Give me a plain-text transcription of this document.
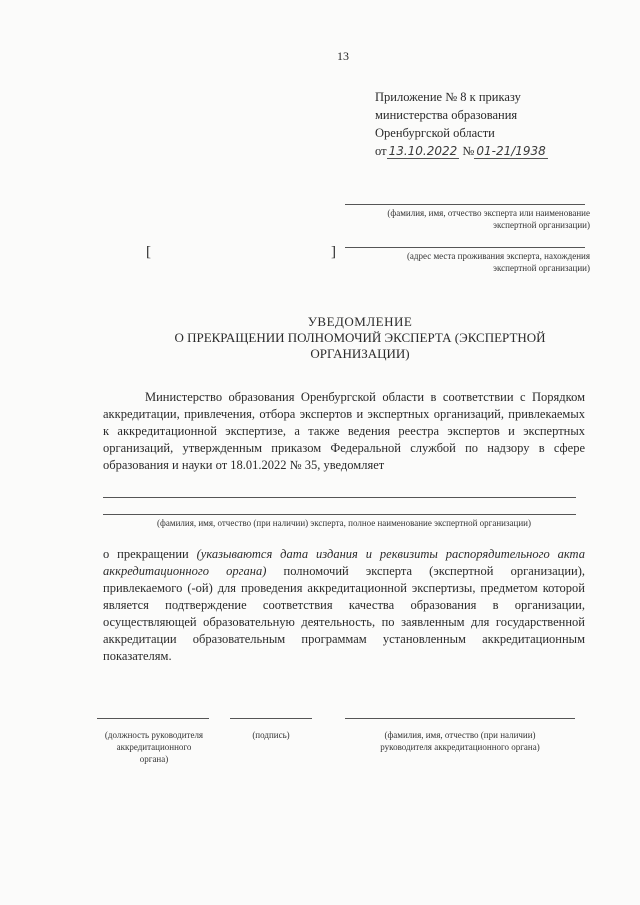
13
Приложение № 8 к приказу
министерства образования
Оренбургской области
от 13.10.2022 № 01-21/1938
(фамилия, имя, отчество эксперта или наименование
экспертной организации)
[	]	(адрес места проживания эксперта, нахождения
экспертной организации)
УВЕДОМЛЕНИЕ
О ПРЕКРАЩЕНИИ ПОЛНОМОЧИЙ ЭКСПЕРТА (ЭКСПЕРТНОЙ
ОРГАНИЗАЦИИ)
Министерство образования Оренбургской области в соответствии с Порядком аккредитации, привлечения, отбора экспертов и экспертных организаций, привлекаемых к аккредитационной экспертизе, а также ведения реестра экспертов и экспертных организаций, утвержденным приказом Федеральной службой по надзору в сфере образования и науки от 18.01.2022 № 35, уведомляет
(фамилия, имя, отчество (при наличии) эксперта, полное наименование экспертной организации)
о прекращении (указываются дата издания и реквизиты распорядительного акта аккредитационного органа) полномочий эксперта (экспертной организации), привлекаемого (-ой) для проведения аккредитационной экспертизы, предметом которой является подтверждение соответствия качества образования в организации, осуществляющей образовательную деятельность, по заявленным для государственной аккредитации образовательным программам установленным аккредитационным показателям.
(должность руководителя
аккредитационного
органа)
(подпись)	(фамилия, имя, отчество (при наличии)
руководителя аккредитационного органа)
